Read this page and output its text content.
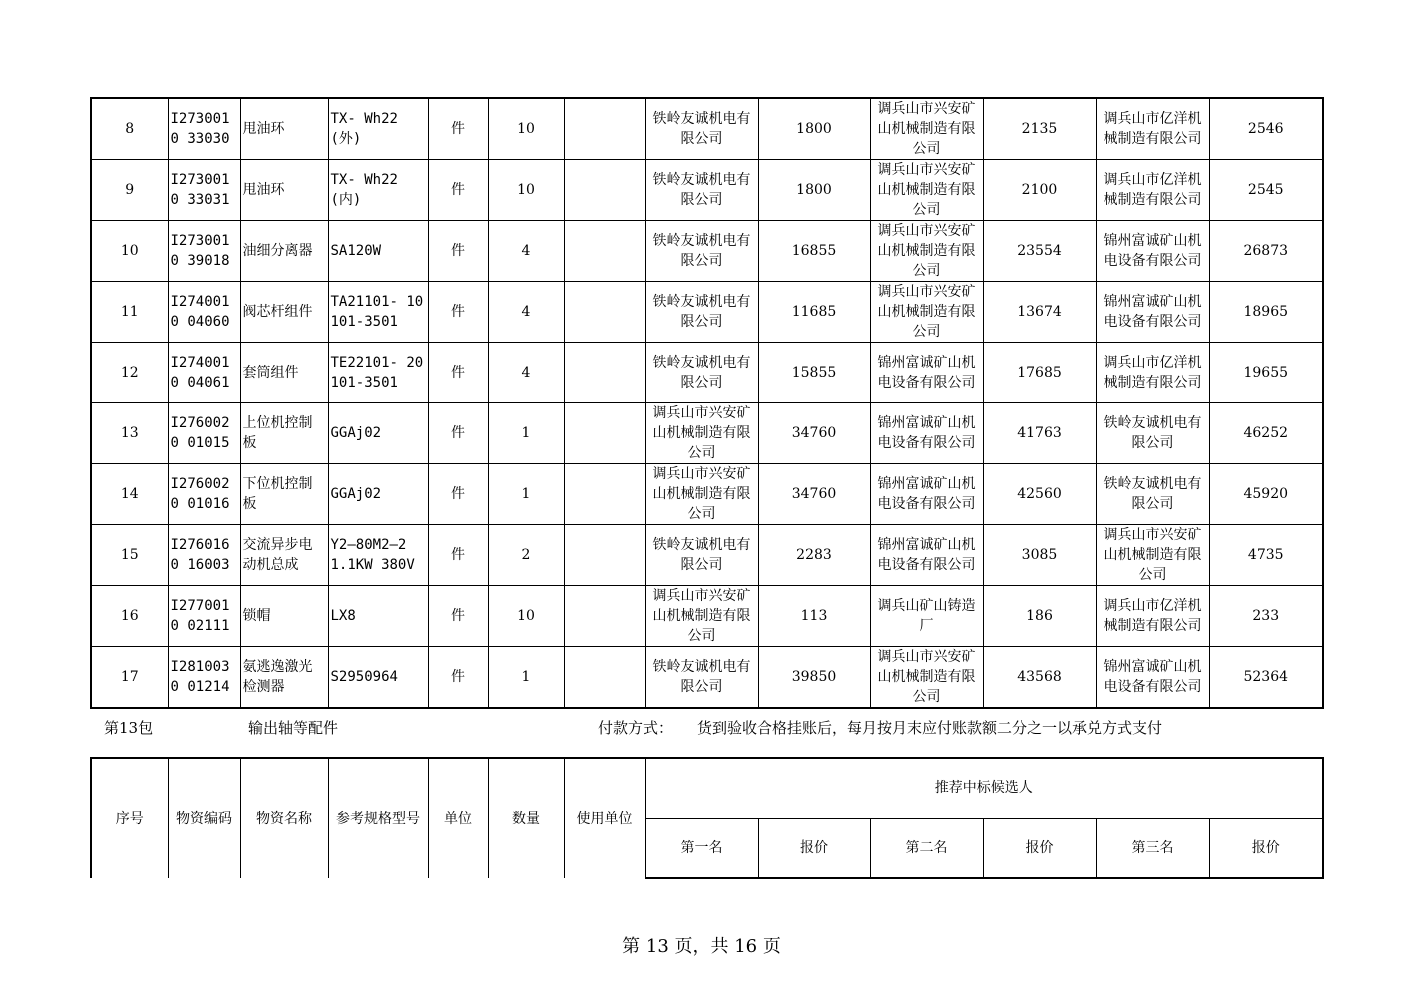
8	I2730010 33030	甩油环	TX- Wh22(外)	件	10		铁岭友诚机电有限公司	1800	调兵山市兴安矿山机械制造有限公司	2135	调兵山市亿洋机械制造有限公司	2546
9	I2730010 33031	甩油环	TX- Wh22(内)	件	10		铁岭友诚机电有限公司	1800	调兵山市兴安矿山机械制造有限公司	2100	调兵山市亿洋机械制造有限公司	2545
10	I2730010 39018	油细分离器	SA120W	件	4		铁岭友诚机电有限公司	16855	调兵山市兴安矿山机械制造有限公司	23554	锦州富诚矿山机电设备有限公司	26873
11	I2740010 04060	阀芯杆组件	TA21101- 10101-3501	件	4		铁岭友诚机电有限公司	11685	调兵山市兴安矿山机械制造有限公司	13674	锦州富诚矿山机电设备有限公司	18965
12	I2740010 04061	套筒组件	TE22101- 20101-3501	件	4		铁岭友诚机电有限公司	15855	锦州富诚矿山机电设备有限公司	17685	调兵山市亿洋机械制造有限公司	19655
13	I2760020 01015	上位机控制板	GGAj02	件	1		调兵山市兴安矿山机械制造有限公司	34760	锦州富诚矿山机电设备有限公司	41763	铁岭友诚机电有限公司	46252
14	I2760020 01016	下位机控制板	GGAj02	件	1		调兵山市兴安矿山机械制造有限公司	34760	锦州富诚矿山机电设备有限公司	42560	铁岭友诚机电有限公司	45920
15	I2760160 16003	交流异步电动机总成	Y2—80M2—2 1.1KW 380V	件	2		铁岭友诚机电有限公司	2283	锦州富诚矿山机电设备有限公司	3085	调兵山市兴安矿山机械制造有限公司	4735
16	I2770010 02111	锁帽	LX8	件	10		调兵山市兴安矿山机械制造有限公司	113	调兵山矿山铸造厂	186	调兵山市亿洋机械制造有限公司	233
17	I2810030 01214	氨逃逸激光检测器	S2950964	件	1		铁岭友诚机电有限公司	39850	调兵山市兴安矿山机械制造有限公司	43568	锦州富诚矿山机电设备有限公司	52364
第13包	输出轴等配件	付款方式： 货到验收合格挂账后，每月按月末应付账款额二分之一以承兑方式支付
序号	物资编码	物资名称	参考规格型号	单位	数量	使用单位	推荐中标候选人					
							第一名	报价	第二名	报价	第三名	报价
第 13 页，共 16 页
